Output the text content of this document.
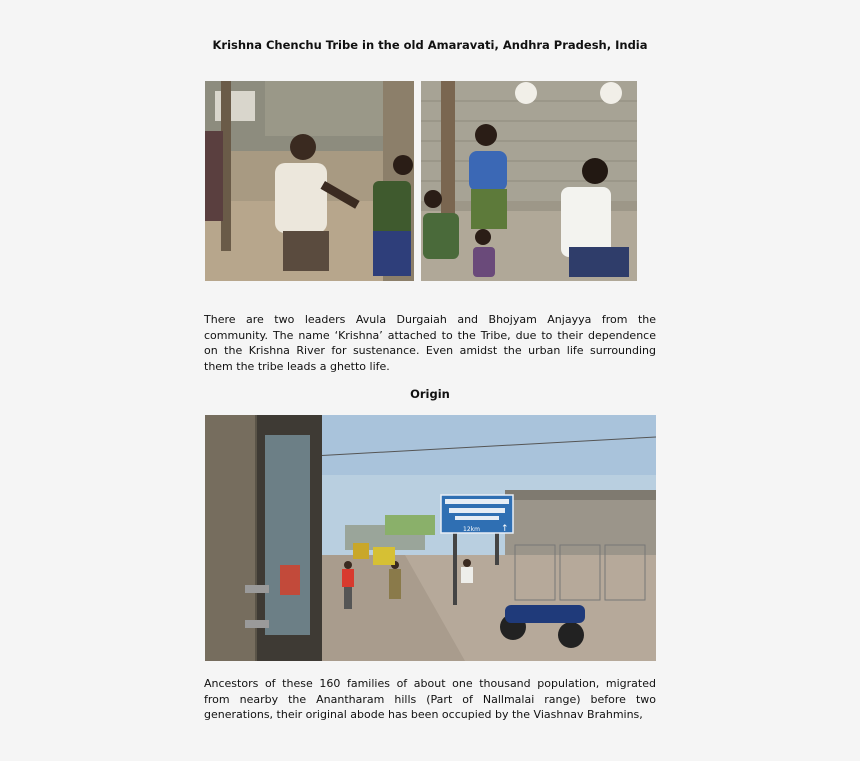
Krishna Chenchu Tribe in the old Amaravati, Andhra Pradesh, India
There are two leaders Avula Durgaiah and Bhojyam Anjayya from the
community. The name ‘Krishna’ attached to the Tribe, due to their dependence
on the Krishna River for sustenance. Even amidst the urban life surrounding
them the tribe leads a ghetto life.
Origin
12km ↑
Ancestors of these 160 families of about one thousand population, migrated
from nearby the Anantharam hills (Part of Nallmalai range) before two
generations, their original abode has been occupied by the Viashnav Brahmins,
